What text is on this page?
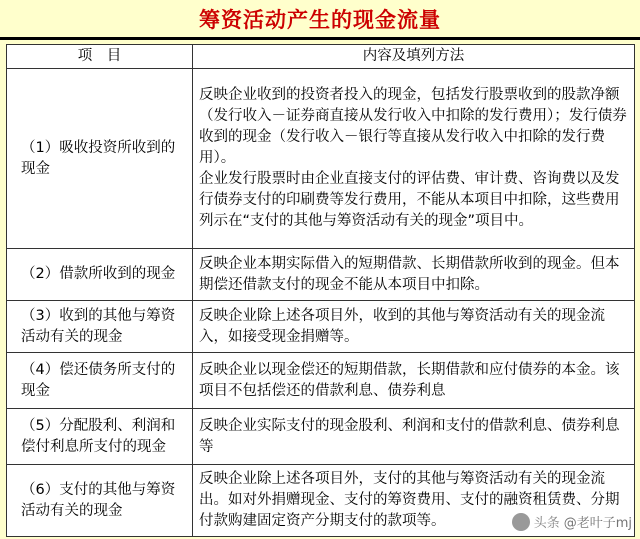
筹资活动产生的现金流量
项　目	内容及填列方法
（1）吸收投资所收到的现金	反映企业收到的投资者投入的现金，包括发行股票收到的股款净额（发行收入－证券商直接从发行收入中扣除的发行费用）；发行债券收到的现金（发行收入－银行等直接从发行收入中扣除的发行费用）。
企业发行股票时由企业直接支付的评估费、审计费、咨询费以及发行债券支付的印刷费等发行费用，不能从本项目中扣除，这些费用列示在“支付的其他与筹资活动有关的现金”项目中。

（2）借款所收到的现金	反映企业本期实际借入的短期借款、长期借款所收到的现金。但本期偿还借款支付的现金不能从本项目中扣除。

（3）收到的其他与筹资活动有关的现金	反映企业除上述各项目外，收到的其他与筹资活动有关的现金流入，如接受现金捐赠等。

（4）偿还债务所支付的现金	反映企业以现金偿还的短期借款，长期借款和应付债券的本金。该项目不包括偿还的借款利息、债券利息

（5）分配股利、利润和偿付利息所支付的现金	反映企业实际支付的现金股利、利润和支付的借款利息、债券利息等

（6）支付的其他与筹资活动有关的现金	反映企业除上述各项目外，支付的其他与筹资活动有关的现金流出。如对外捐赠现金、支付的筹资费用、支付的融资租赁费、分期付款购建固定资产分期支付的款项等。	头条 @老叶子mj
